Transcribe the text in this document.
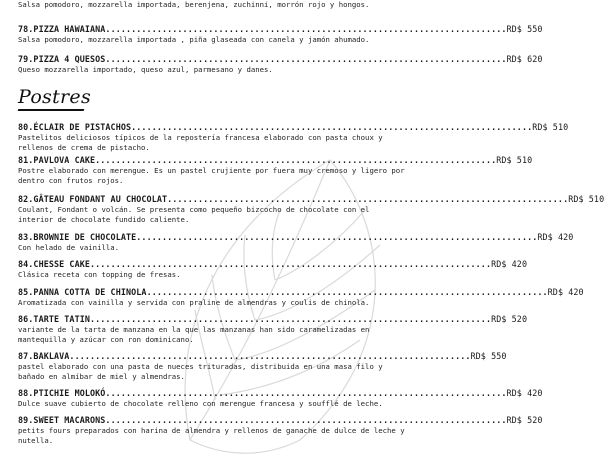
Salsa pomodoro, mozzarella importada, berenjena, zuchinni, morrón rojo y hongos.
78.PIZZA HAWAIANA .............................................................................. RD$ 550
Salsa pomodoro, mozzarella importada , piña glaseada con canela y jamón ahumado.
79.PIZZA 4 QUESOS .............................................................................. RD$ 620
Queso mozzarella importado, queso azul, parmesano y danes.
Postres
80.ÉCLAIR DE PISTACHOS .............................................................................. RD$ 510
Pastelitos deliciosos típicos de la repostería francesa elaborado con pasta choux y rellenos de crema de pistacho.
81.PAVLOVA CAKE .............................................................................. RD$ 510
Postre elaborado con merengue. Es un pastel crujiente por fuera muy cremoso y ligero por dentro con frutos rojos.
82.GÂTEAU FONDANT AU CHOCOLAT .............................................................................. RD$ 510
Coulant, Fondant o volcán. Se presenta como pequeño bizcocho de chocolate con el interior de chocolate fundido caliente.
83.BROWNIE DE CHOCOLATE .............................................................................. RD$ 420
Con helado de vainilla.
84.CHESSE CAKE .............................................................................. RD$ 420
Clásica receta con topping de fresas.
85.PANNA COTTA DE CHINOLA .............................................................................. RD$ 420
Aromatizada con vainilla y servida con praline de almendras y coulis de chinola.
86.TARTE TATIN .............................................................................. RD$ 520
variante de la tarta de manzana en la que las manzanas han sido caramelizadas en mantequilla y azúcar con ron dominicano.
87.BAKLAVA .............................................................................. RD$ 550
pastel elaborado con una pasta de nueces trituradas, distribuida en una masa filo y bañado en almíbar de miel y almendras.
88.PTICHIE MOLOKÓ .............................................................................. RD$ 420
Dulce suave cubierto de chocolate relleno con merengue francesa y soufflé de leche.
89.SWEET MACARONS .............................................................................. RD$ 520
petits fours preparados con harina de almendra y rellenos de ganache de dulce de leche y nutella.
